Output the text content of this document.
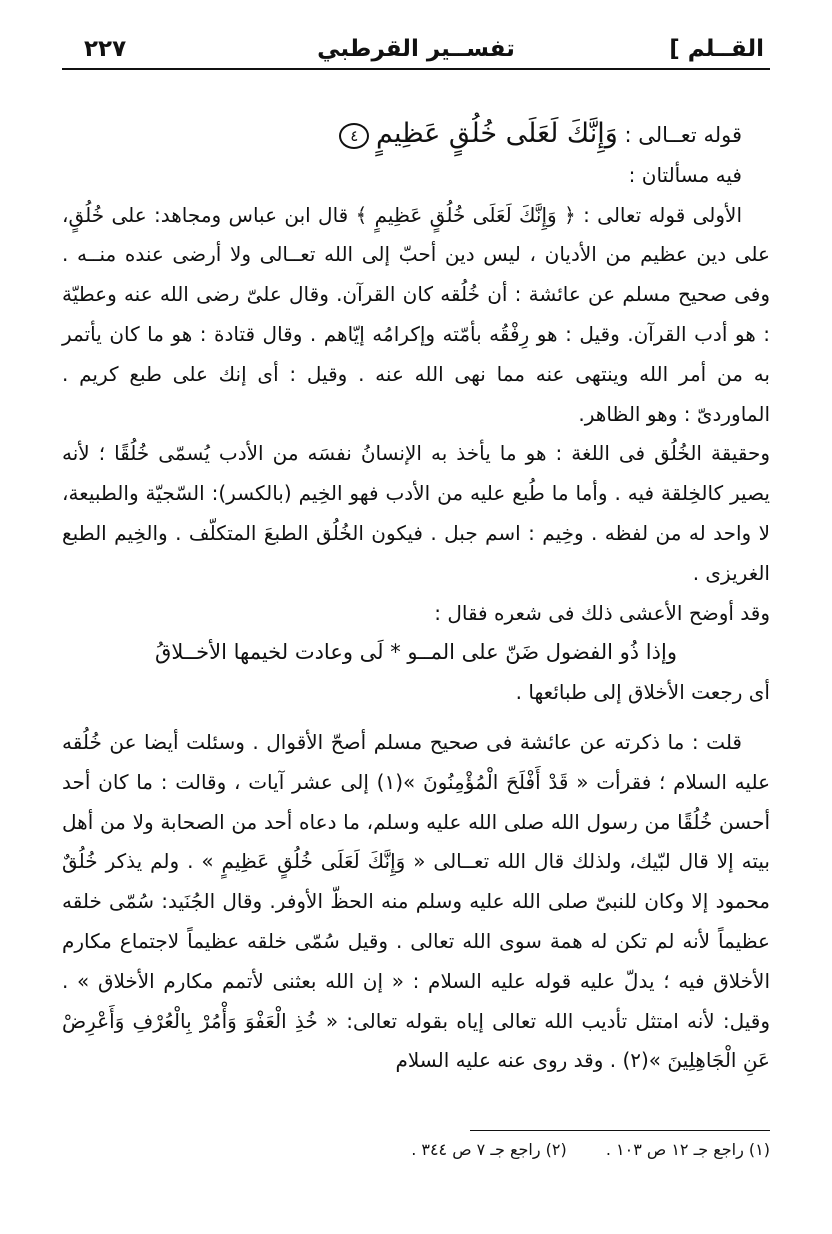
القــلم ]
تفســير القرطبي
٢٢٧

قوله تعــالى : وَإِنَّكَ لَعَلَى خُلُقٍ عَظِيمٍ ٤

فيه مسألتان :

الأولى قوله تعالى : ﴿ وَإِنَّكَ لَعَلَى خُلُقٍ عَظِيمٍ ﴾ قال ابن عباس ومجاهد: على خُلُقٍ، على دين عظيم من الأديان ، ليس دين أحبّ إلى الله تعــالى ولا أرضى عنده منــه . وفى صحيح مسلم عن عائشة : أن خُلُقه كان القرآن. وقال علىّ رضى الله عنه وعطيّة : هو أدب القرآن. وقيل : هو رِفْقُه بأمّته وإكرامُه إيّاهم . وقال قتادة : هو ما كان يأتمر به من أمر الله وينتهى عنه مما نهى الله عنه . وقيل : أى إنك على طبع كريم . الماوردىّ : وهو الظاهر.

وحقيقة الخُلُق فى اللغة : هو ما يأخذ به الإنسانُ نفسَه من الأدب يُسمّى خُلُقًا ؛ لأنه يصير كالخِلقة فيه . وأما ما طُبع عليه من الأدب فهو الخِيم (بالكسر): السّجيّة والطبيعة، لا واحد له من لفظه . وخِيم : اسم جبل . فيكون الخُلُق الطبعَ المتكلّف . والخِيم الطبع الغريزى .

وقد أوضح الأعشى ذلك فى شعره فقال :

وإذا ذُو الفضول ضَنّ على المــو * لَى وعادت لخيمها الأخــلاقُ

أى رجعت الأخلاق إلى طبائعها .

قلت : ما ذكرته عن عائشة فى صحيح مسلم أصحّ الأقوال . وسئلت أيضا عن خُلُقه عليه السلام ؛ فقرأت « قَدْ أَفْلَحَ الْمُؤْمِنُونَ »(١) إلى عشر آيات ، وقالت : ما كان أحد أحسن خُلُقًا من رسول الله صلى الله عليه وسلم، ما دعاه أحد من الصحابة ولا من أهل بيته إلا قال لبّيك، ولذلك قال الله تعــالى « وَإِنَّكَ لَعَلَى خُلُقٍ عَظِيمٍ » . ولم يذكر خُلُقٌ محمود إلا وكان للنبىّ صلى الله عليه وسلم منه الحظّ الأوفر. وقال الجُنَيد: سُمّى خلقه عظيماً لأنه لم تكن له همة سوى الله تعالى . وقيل سُمّى خلقه عظيماً لاجتماع مكارم الأخلاق فيه ؛ يدلّ عليه قوله عليه السلام : « إن الله بعثنى لأتمم مكارم الأخلاق » . وقيل: لأنه امتثل تأديب الله تعالى إياه بقوله تعالى: « خُذِ الْعَفْوَ وَأْمُرْ بِالْعُرْفِ وَأَعْرِضْ عَنِ الْجَاهِلِينَ »(٢) . وقد روى عنه عليه السلام

(١) راجع جـ ١٢ ص ١٠٣ . (٢) راجع جـ ٧ ص ٣٤٤ .
